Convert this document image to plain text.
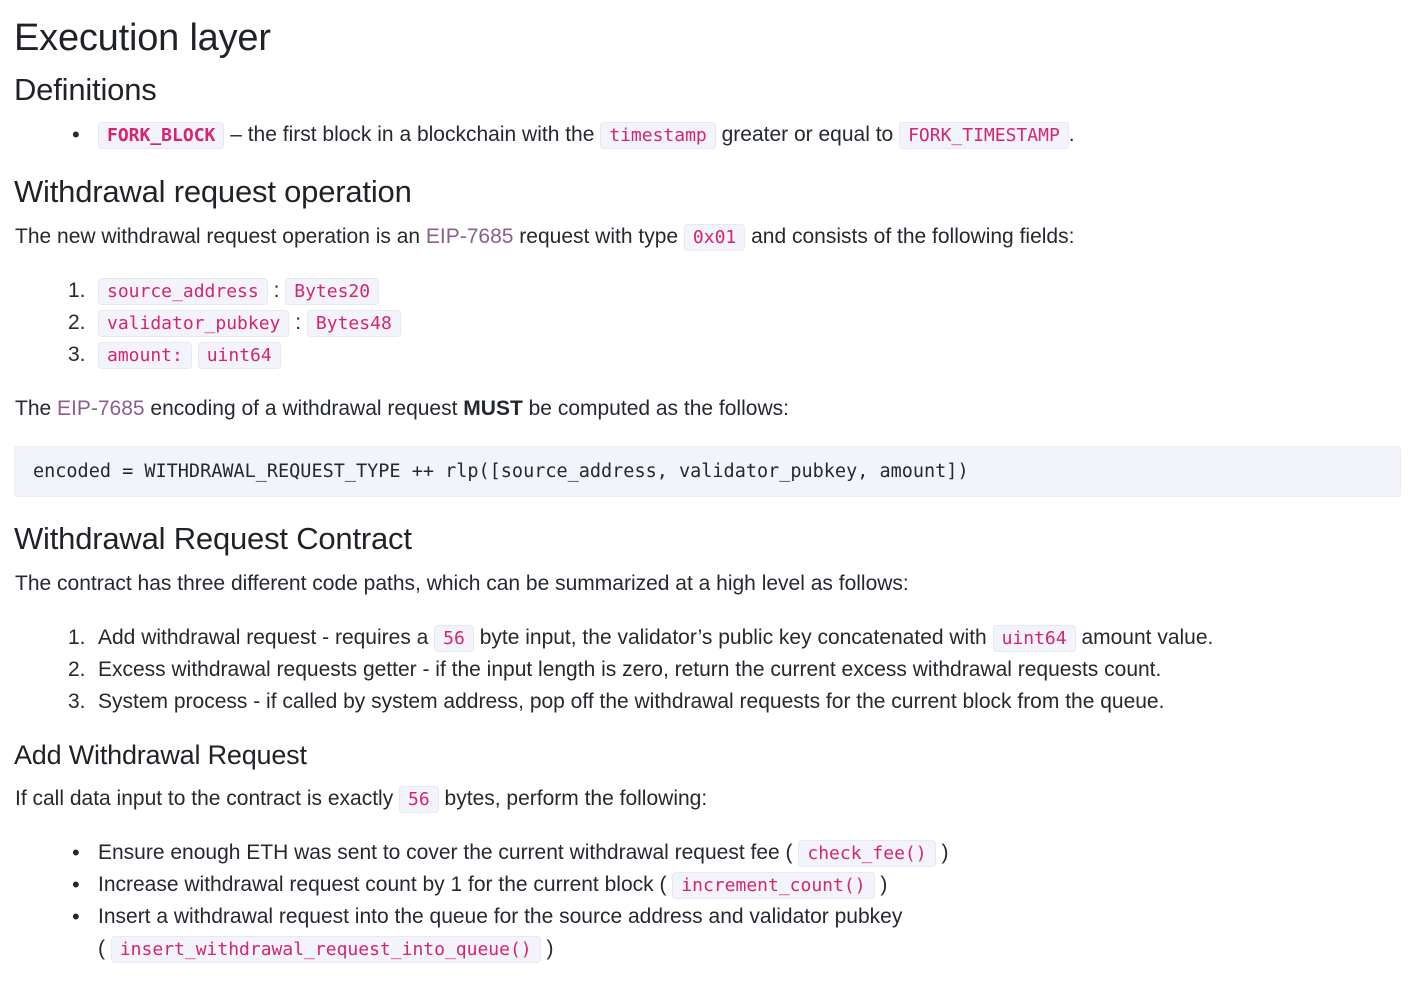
Execution layer
Definitions
•	FORK_BLOCK – the first block in a blockchain with the timestamp greater or equal to FORK_TIMESTAMP .
Withdrawal request operation
The new withdrawal request operation is an EIP-7685 request with type 0x01 and consists of the following fields:
1.	source_address : Bytes20
2.	validator_pubkey : Bytes48
3.	amount: uint64
The EIP-7685 encoding of a withdrawal request MUST be computed as the follows:
encoded = WITHDRAWAL_REQUEST_TYPE ++ rlp([source_address, validator_pubkey, amount])
Withdrawal Request Contract
The contract has three different code paths, which can be summarized at a high level as follows:
1. Add withdrawal request - requires a 56 byte input, the validator’s public key concatenated with uint64 amount value.
2. Excess withdrawal requests getter - if the input length is zero, return the current excess withdrawal requests count.
3. System process - if called by system address, pop off the withdrawal requests for the current block from the queue.
Add Withdrawal Request
If call data input to the contract is exactly 56 bytes, perform the following:
• Ensure enough ETH was sent to cover the current withdrawal request fee ( check_fee() )
• Increase withdrawal request count by 1 for the current block ( increment_count() )
• Insert a withdrawal request into the queue for the source address and validator pubkey
( insert_withdrawal_request_into_queue() )
